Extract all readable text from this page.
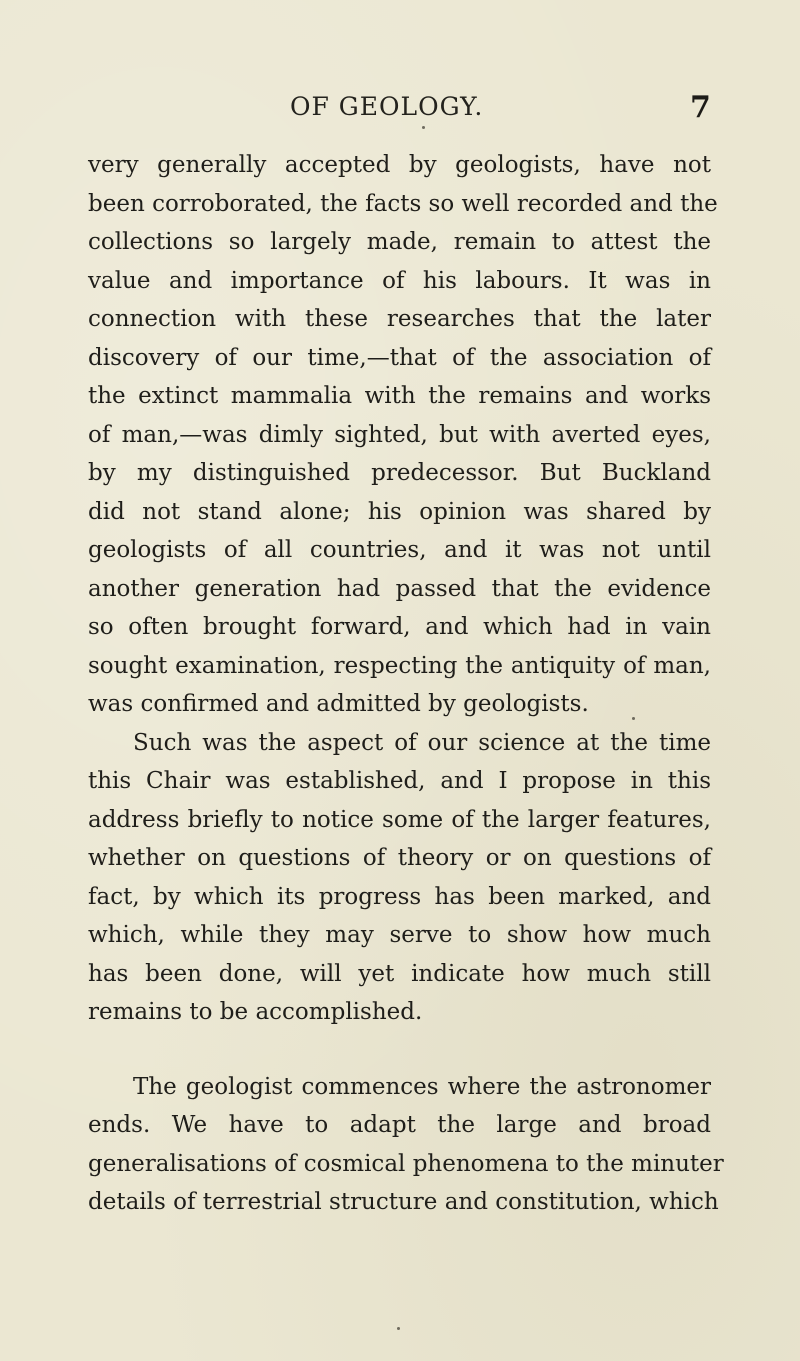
OF GEOLOGY.	7
very generally accepted by geologists, have not
been corroborated, the facts so well recorded and the
collections so largely made, remain to attest the
value and importance of his labours. It was in
connection with these researches that the later
discovery of our time,—that of the association of
the extinct mammalia with the remains and works
of man,—was dimly sighted, but with averted eyes,
by my distinguished predecessor. But Buckland
did not stand alone; his opinion was shared by
geologists of all countries, and it was not until
another generation had passed that the evidence
so often brought forward, and which had in vain
sought examination, respecting the antiquity of man,
was confirmed and admitted by geologists.
Such was the aspect of our science at the time
this Chair was established, and I propose in this
address briefly to notice some of the larger features,
whether on questions of theory or on questions of
fact, by which its progress has been marked, and
which, while they may serve to show how much
has been done, will yet indicate how much still
remains to be accomplished.
The geologist commences where the astronomer
ends. We have to adapt the large and broad
generalisations of cosmical phenomena to the minuter
details of terrestrial structure and constitution, which
